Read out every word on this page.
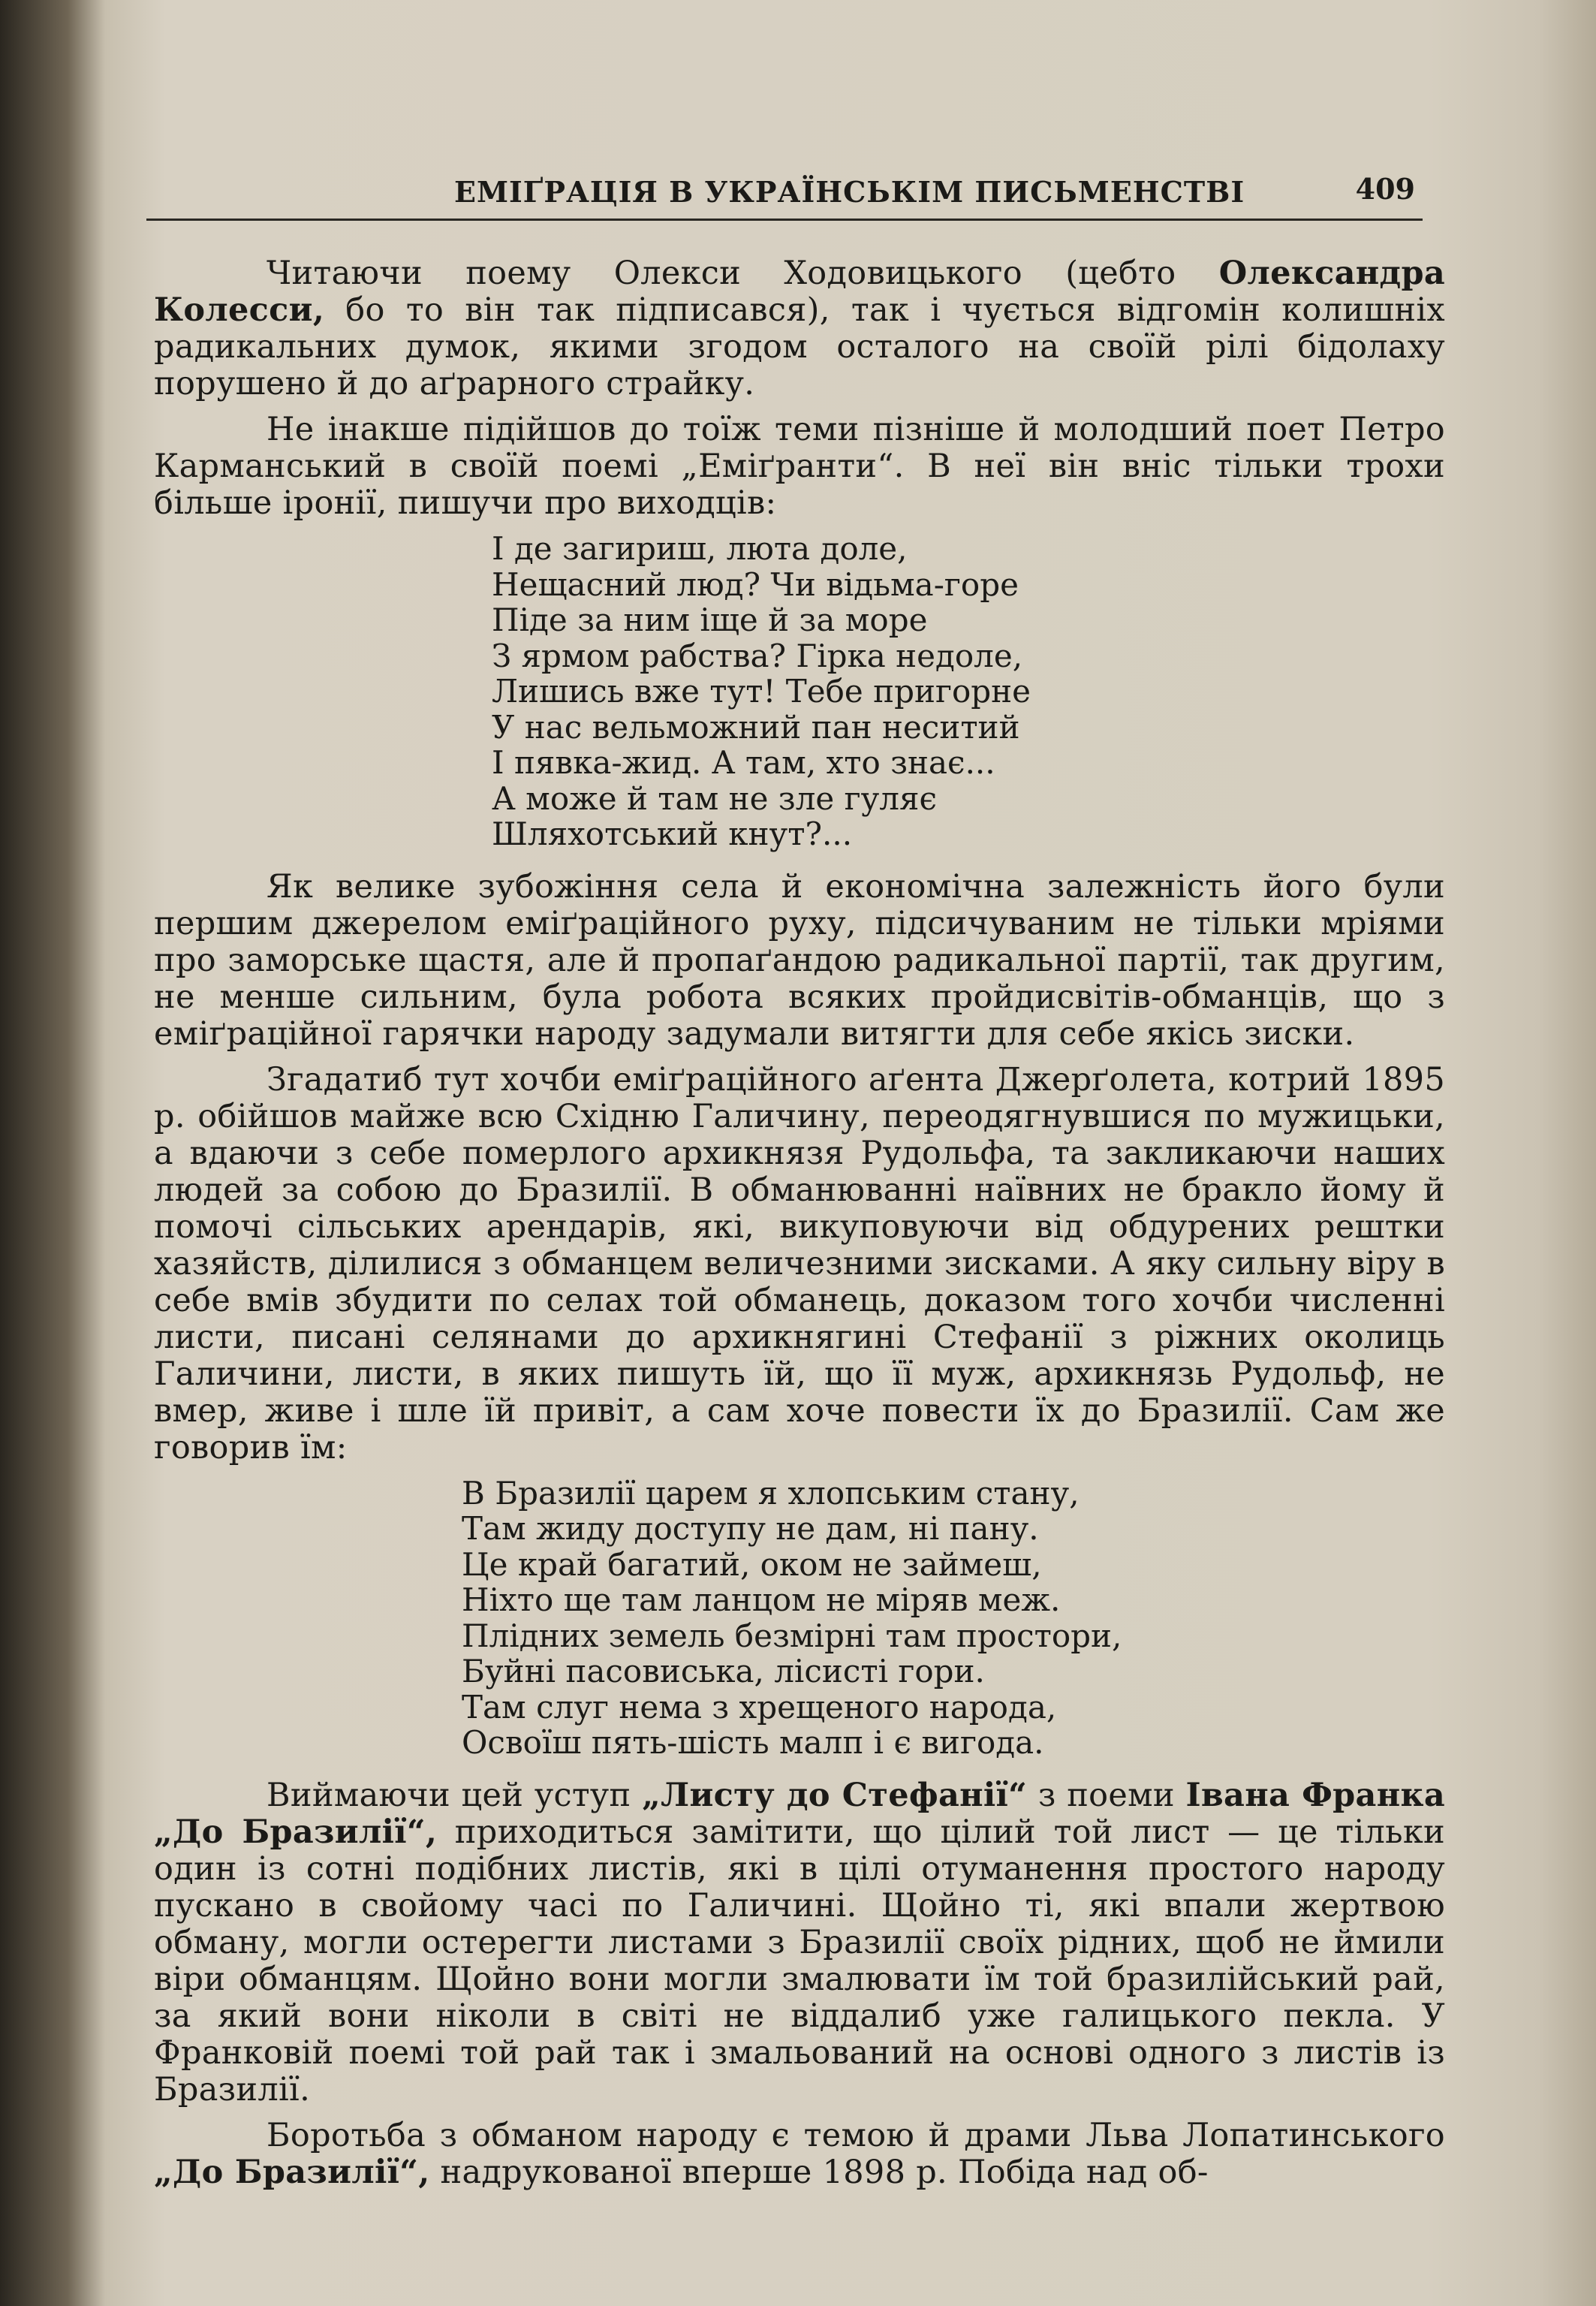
ЕМІҐРАЦІЯ В УКРАЇНСЬКІМ ПИСЬМЕНСТВІ	409

Читаючи поему Олекси Ходовицького (цебто Олександра Колесси, бо то він так підписався), так і чується відгомін колишніх радикальних думок, якими згодом осталого на своїй рілі бідолаху порушено й до аґрарного страйку.

Не інакше підійшов до тоїж теми пізніше й молодший поет Петро Карманський в своїй поемі „Еміґранти“. В неї він вніс тільки трохи більше іронії, пишучи про виходців:

І де загириш, люта доле,
Нещасний люд? Чи відьма-горе
Піде за ним іще й за море
З ярмом рабства? Гірка недоле,
Лишись вже тут! Тебе пригорне
У нас вельможний пан неситий
І пявка-жид. А там, хто знає...
А може й там не зле гуляє
Шляхотський кнут?...

Як велике зубожіння села й економічна залежність його були першим джерелом еміґраційного руху, підсичуваним не тільки мріями про заморське щастя, але й пропаґандою радикальної партії, так другим, не менше сильним, була робота всяких пройдисвітів-обманців, що з еміґраційної гарячки народу задумали витягти для себе якісь зиски.

Згадатиб тут хочби еміґраційного аґента Джерґолета, котрий 1895 р. обійшов майже всю Східню Галичину, переодягнувшися по мужицьки, а вдаючи з себе померлого архикнязя Рудольфа, та закликаючи наших людей за собою до Бразилії. В обманюванні наївних не бракло йому й помочі сільських арендарів, які, викуповуючи від обдурених рештки хазяйств, ділилися з обманцем величезними зисками. А яку сильну віру в себе вмів збудити по селах той обманець, доказом того хочби численні листи, писані селянами до архикнягині Стефанії з ріжних околиць Галичини, листи, в яких пишуть їй, що її муж, архикнязь Рудольф, не вмер, живе і шле їй привіт, а сам хоче повести їх до Бразилії. Сам же говорив їм:

В Бразилії царем я хлопським стану,
Там жиду доступу не дам, ні пану.
Це край багатий, оком не займеш,
Ніхто ще там ланцом не міряв меж.
Плідних земель безмірні там простори,
Буйні пасовиська, лісисті гори.
Там слуг нема з хрещеного народа,
Освоїш пять-шість малп і є вигода.

Виймаючи цей уступ „Листу до Стефанії“ з поеми Івана Франка „До Бразилії“, приходиться замітити, що цілий той лист — це тільки один із сотні подібних листів, які в цілі отуманення простого народу пускано в свойому часі по Галичині. Щойно ті, які впали жертвою обману, могли остерегти листами з Бразилії своїх рідних, щоб не ймили віри обманцям. Щойно вони могли змалювати їм той бразилійський рай, за який вони ніколи в світі не віддалиб уже галицького пекла. У Франковій поемі той рай так і змальований на основі одного з листів із Бразилії.

Боротьба з обманом народу є темою й драми Льва Лопатинського „До Бразилії“, надрукованої вперше 1898 р. Побіда над об-
